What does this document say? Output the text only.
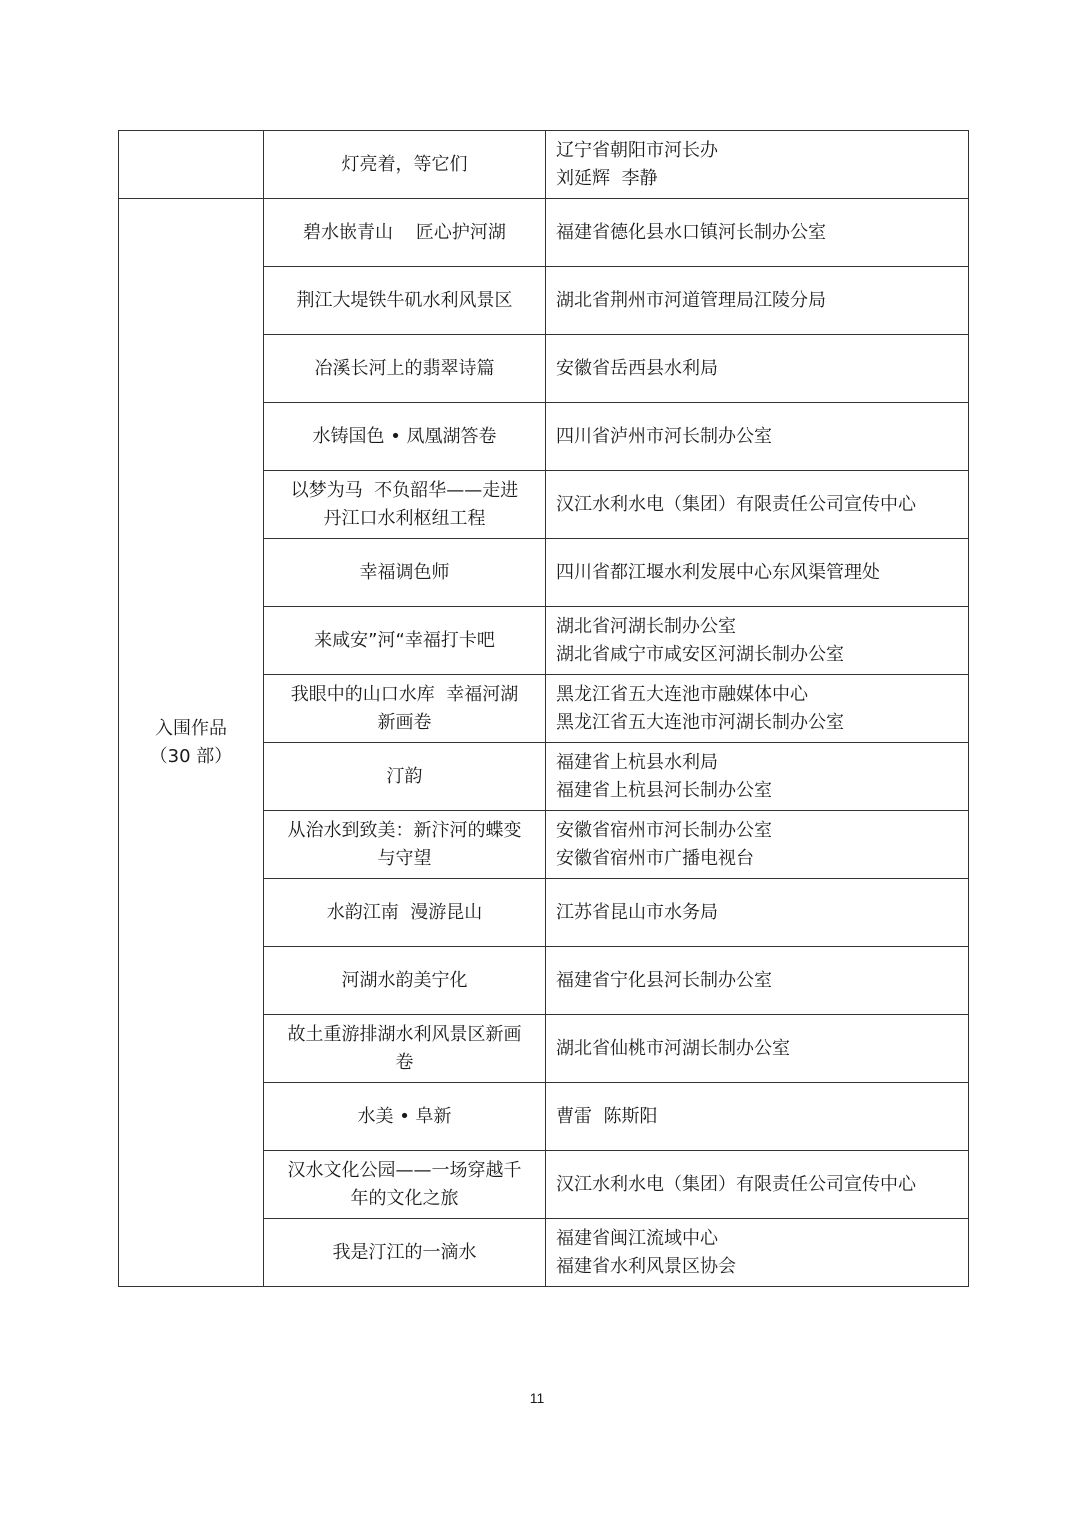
	灯亮着，等它们	辽宁省朝阳市河长办
刘延辉  李静

入围作品
（30 部）	碧水嵌青山    匠心护河湖	福建省德化县水口镇河长制办公室

	荆江大堤铁牛矶水利风景区	湖北省荆州市河道管理局江陵分局

	冶溪长河上的翡翠诗篇	安徽省岳西县水利局

	水铸国色 • 凤凰湖答卷	四川省泸州市河长制办公室

	以梦为马  不负韶华——走进
丹江口水利枢纽工程	汉江水利水电（集团）有限责任公司宣传中心

	幸福调色师	四川省都江堰水利发展中心东风渠管理处

	来咸安”河“幸福打卡吧	湖北省河湖长制办公室
湖北省咸宁市咸安区河湖长制办公室

	我眼中的山口水库  幸福河湖
新画卷	黑龙江省五大连池市融媒体中心
黑龙江省五大连池市河湖长制办公室

	汀韵	福建省上杭县水利局
福建省上杭县河长制办公室

	从治水到致美：新汴河的蝶变
与守望	安徽省宿州市河长制办公室
安徽省宿州市广播电视台

	水韵江南  漫游昆山	江苏省昆山市水务局

	河湖水韵美宁化	福建省宁化县河长制办公室

	故土重游排湖水利风景区新画
卷	湖北省仙桃市河湖长制办公室

	水美 • 阜新	曹雷  陈斯阳

	汉水文化公园——一场穿越千
年的文化之旅	汉江水利水电（集团）有限责任公司宣传中心

	我是汀江的一滴水	福建省闽江流域中心
福建省水利风景区协会
11
